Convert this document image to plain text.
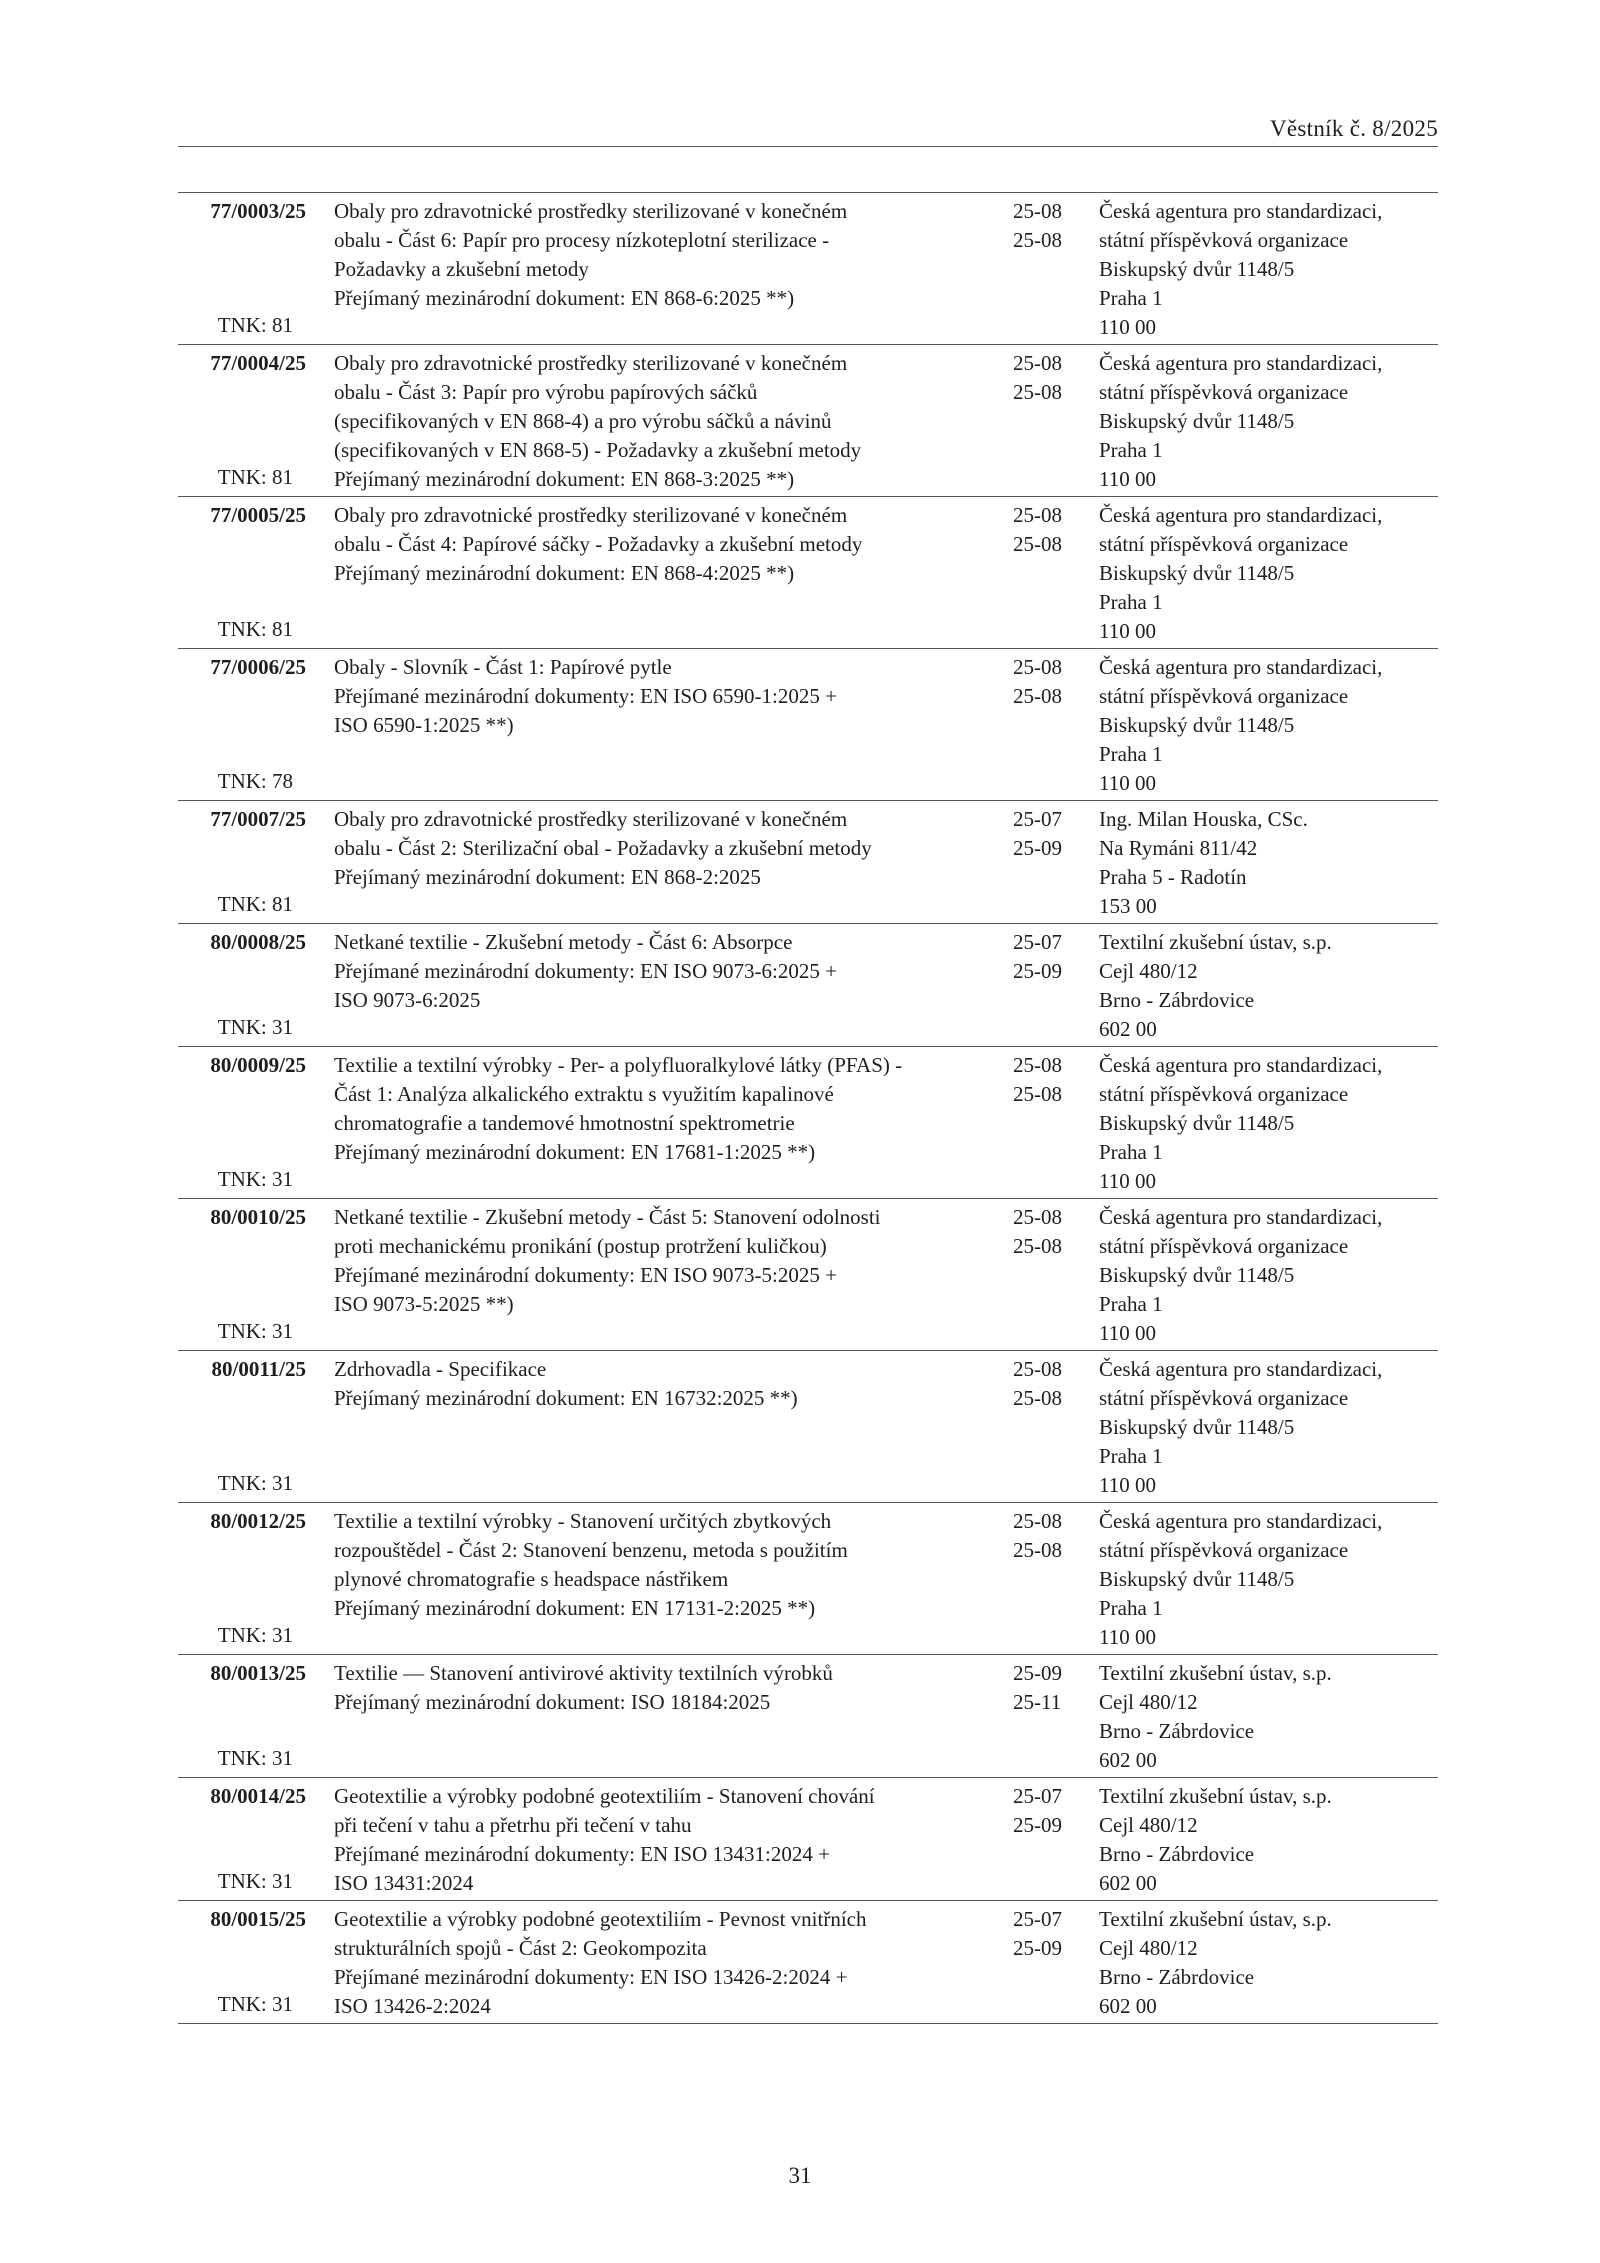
Věstník č. 8/2025
77/0003/25
TNK: 81
Obaly pro zdravotnické prostředky sterilizované v konečném
obalu - Část 6: Papír pro procesy nízkoteplotní sterilizace -
Požadavky a zkušební metody
Přejímaný mezinárodní dokument: EN 868-6:2025 **)
25-08
25-08
Česká agentura pro standardizaci,
státní příspěvková organizace
Biskupský dvůr 1148/5
Praha 1
110 00
77/0004/25
TNK: 81
Obaly pro zdravotnické prostředky sterilizované v konečném
obalu - Část 3: Papír pro výrobu papírových sáčků
(specifikovaných v EN 868-4) a pro výrobu sáčků a návinů
(specifikovaných v EN 868-5) - Požadavky a zkušební metody
Přejímaný mezinárodní dokument: EN 868-3:2025 **)
25-08
25-08
Česká agentura pro standardizaci,
státní příspěvková organizace
Biskupský dvůr 1148/5
Praha 1
110 00
77/0005/25
TNK: 81
Obaly pro zdravotnické prostředky sterilizované v konečném
obalu - Část 4: Papírové sáčky - Požadavky a zkušební metody
Přejímaný mezinárodní dokument: EN 868-4:2025 **)
25-08
25-08
Česká agentura pro standardizaci,
státní příspěvková organizace
Biskupský dvůr 1148/5
Praha 1
110 00
77/0006/25
TNK: 78
Obaly - Slovník - Část 1: Papírové pytle
Přejímané mezinárodní dokumenty: EN ISO 6590-1:2025 +
ISO 6590-1:2025 **)
25-08
25-08
Česká agentura pro standardizaci,
státní příspěvková organizace
Biskupský dvůr 1148/5
Praha 1
110 00
77/0007/25
TNK: 81
Obaly pro zdravotnické prostředky sterilizované v konečném
obalu - Část 2: Sterilizační obal - Požadavky a zkušební metody
Přejímaný mezinárodní dokument: EN 868-2:2025
25-07
25-09
Ing. Milan Houska, CSc.
Na Rymáni 811/42
Praha 5 - Radotín
153 00
80/0008/25
TNK: 31
Netkané textilie - Zkušební metody - Část 6: Absorpce
Přejímané mezinárodní dokumenty: EN ISO 9073-6:2025 +
ISO 9073-6:2025
25-07
25-09
Textilní zkušební ústav, s.p.
Cejl 480/12
Brno - Zábrdovice
602 00
80/0009/25
TNK: 31
Textilie a textilní výrobky - Per- a polyfluoralkylové látky (PFAS) -
Část 1: Analýza alkalického extraktu s využitím kapalinové
chromatografie a tandemové hmotnostní spektrometrie
Přejímaný mezinárodní dokument: EN 17681-1:2025 **)
25-08
25-08
Česká agentura pro standardizaci,
státní příspěvková organizace
Biskupský dvůr 1148/5
Praha 1
110 00
80/0010/25
TNK: 31
Netkané textilie - Zkušební metody - Část 5: Stanovení odolnosti
proti mechanickému pronikání (postup protržení kuličkou)
Přejímané mezinárodní dokumenty: EN ISO 9073-5:2025 +
ISO 9073-5:2025 **)
25-08
25-08
Česká agentura pro standardizaci,
státní příspěvková organizace
Biskupský dvůr 1148/5
Praha 1
110 00
80/0011/25
TNK: 31
Zdrhovadla - Specifikace
Přejímaný mezinárodní dokument: EN 16732:2025 **)
25-08
25-08
Česká agentura pro standardizaci,
státní příspěvková organizace
Biskupský dvůr 1148/5
Praha 1
110 00
80/0012/25
TNK: 31
Textilie a textilní výrobky - Stanovení určitých zbytkových
rozpouštědel - Část 2: Stanovení benzenu, metoda s použitím
plynové chromatografie s headspace nástřikem
Přejímaný mezinárodní dokument: EN 17131-2:2025 **)
25-08
25-08
Česká agentura pro standardizaci,
státní příspěvková organizace
Biskupský dvůr 1148/5
Praha 1
110 00
80/0013/25
TNK: 31
Textilie — Stanovení antivirové aktivity textilních výrobků
Přejímaný mezinárodní dokument: ISO 18184:2025
25-09
25-11
Textilní zkušební ústav, s.p.
Cejl 480/12
Brno - Zábrdovice
602 00
80/0014/25
TNK: 31
Geotextilie a výrobky podobné geotextiliím - Stanovení chování
při tečení v tahu a přetrhu při tečení v tahu
Přejímané mezinárodní dokumenty: EN ISO 13431:2024 +
ISO 13431:2024
25-07
25-09
Textilní zkušební ústav, s.p.
Cejl 480/12
Brno - Zábrdovice
602 00
80/0015/25
TNK: 31
Geotextilie a výrobky podobné geotextiliím - Pevnost vnitřních
strukturálních spojů - Část 2: Geokompozita
Přejímané mezinárodní dokumenty: EN ISO 13426-2:2024 +
ISO 13426-2:2024
25-07
25-09
Textilní zkušební ústav, s.p.
Cejl 480/12
Brno - Zábrdovice
602 00
31
